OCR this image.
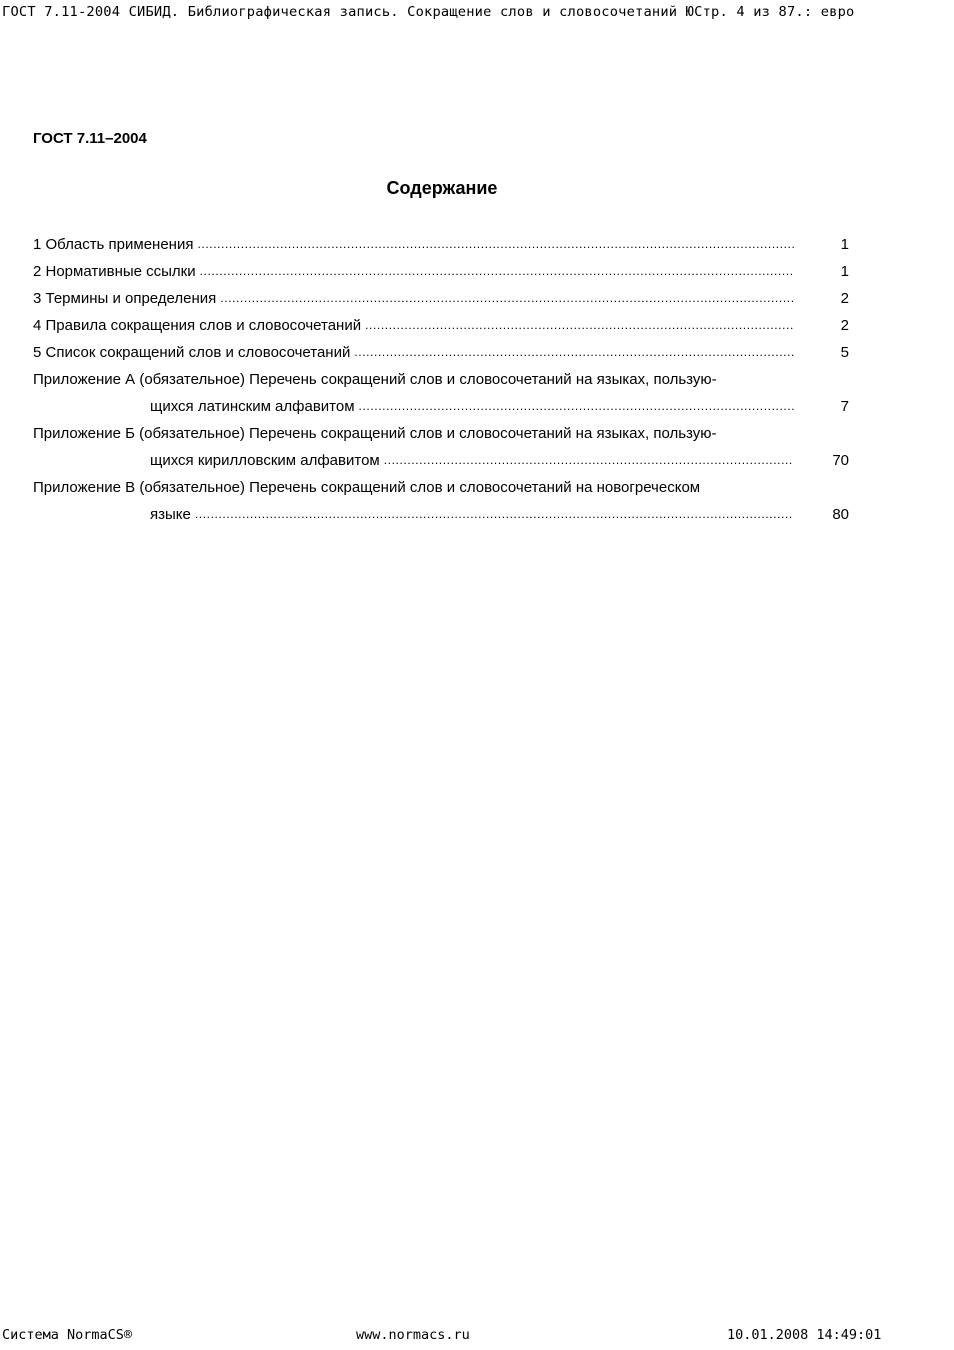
ГОСТ 7.11-2004 СИБИД. Библиографическая запись. Сокращение слов и словосочетаний ЮСтр. 4 из 87.: евро
ГОСТ 7.11–2004
Содержание
1 Область применения .....	1
2 Нормативные ссылки .....	1
3 Термины и определения .....	2
4 Правила сокращения слов и словосочетаний .....	2
5 Список сокращений слов и словосочетаний .....	5
Приложение А (обязательное) Перечень сокращений слов и словосочетаний на языках, пользую-
щихся латинским алфавитом .....	7
Приложение Б (обязательное) Перечень сокращений слов и словосочетаний на языках, пользую-
щихся кирилловским алфавитом .....	70
Приложение В (обязательное) Перечень сокращений слов и словосочетаний на новогреческом
языке .....	80
Система NormaCS®	www.normacs.ru	10.01.2008 14:49:01
